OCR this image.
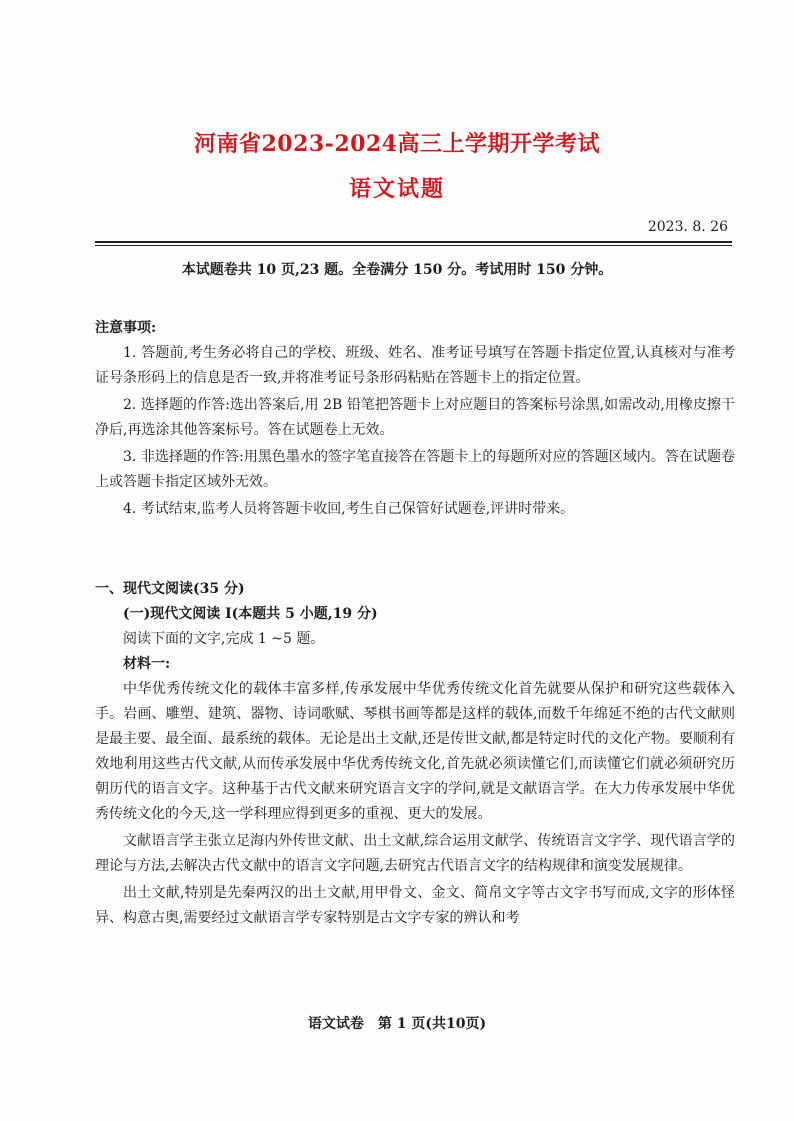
河南省2023-2024高三上学期开学考试
语文试题
2023. 8. 26
本试题卷共 10 页,23 题。全卷满分 150 分。考试用时 150 分钟。

注意事项:

1. 答题前,考生务必将自己的学校、班级、姓名、准考证号填写在答题卡指定位置,认真核对与准考证号条形码上的信息是否一致,并将准考证号条形码粘贴在答题卡上的指定位置。

2. 选择题的作答:选出答案后,用 2B 铅笔把答题卡上对应题目的答案标号涂黑,如需改动,用橡皮擦干净后,再选涂其他答案标号。答在试题卷上无效。

3. 非选择题的作答:用黑色墨水的签字笔直接答在答题卡上的每题所对应的答题区域内。答在试题卷上或答题卡指定区域外无效。

4. 考试结束,监考人员将答题卡收回,考生自己保管好试题卷,评讲时带来。

一、现代文阅读(35 分)

(一)现代文阅读 I(本题共 5 小题,19 分)

阅读下面的文字,完成 1 ~5 题。

材料一:

中华优秀传统文化的载体丰富多样,传承发展中华优秀传统文化首先就要从保护和研究这些载体入手。岩画、雕塑、建筑、器物、诗词歌赋、琴棋书画等都是这样的载体,而数千年绵延不绝的古代文献则是最主要、最全面、最系统的载体。无论是出土文献,还是传世文献,都是特定时代的文化产物。要顺利有效地利用这些古代文献,从而传承发展中华优秀传统文化,首先就必须读懂它们,而读懂它们就必须研究历朝历代的语言文字。这种基于古代文献来研究语言文字的学问,就是文献语言学。在大力传承发展中华优秀传统文化的今天,这一学科理应得到更多的重视、更大的发展。

文献语言学主张立足海内外传世文献、出土文献,综合运用文献学、传统语言文字学、现代语言学的理论与方法,去解决古代文献中的语言文字问题,去研究古代语言文字的结构规律和演变发展规律。

出土文献,特别是先秦两汉的出土文献,用甲骨文、金文、简帛文字等古文字书写而成,文字的形体怪异、构意古奥,需要经过文献语言学专家特别是古文字专家的辨认和考

语文试卷　第 1 页(共10页)
